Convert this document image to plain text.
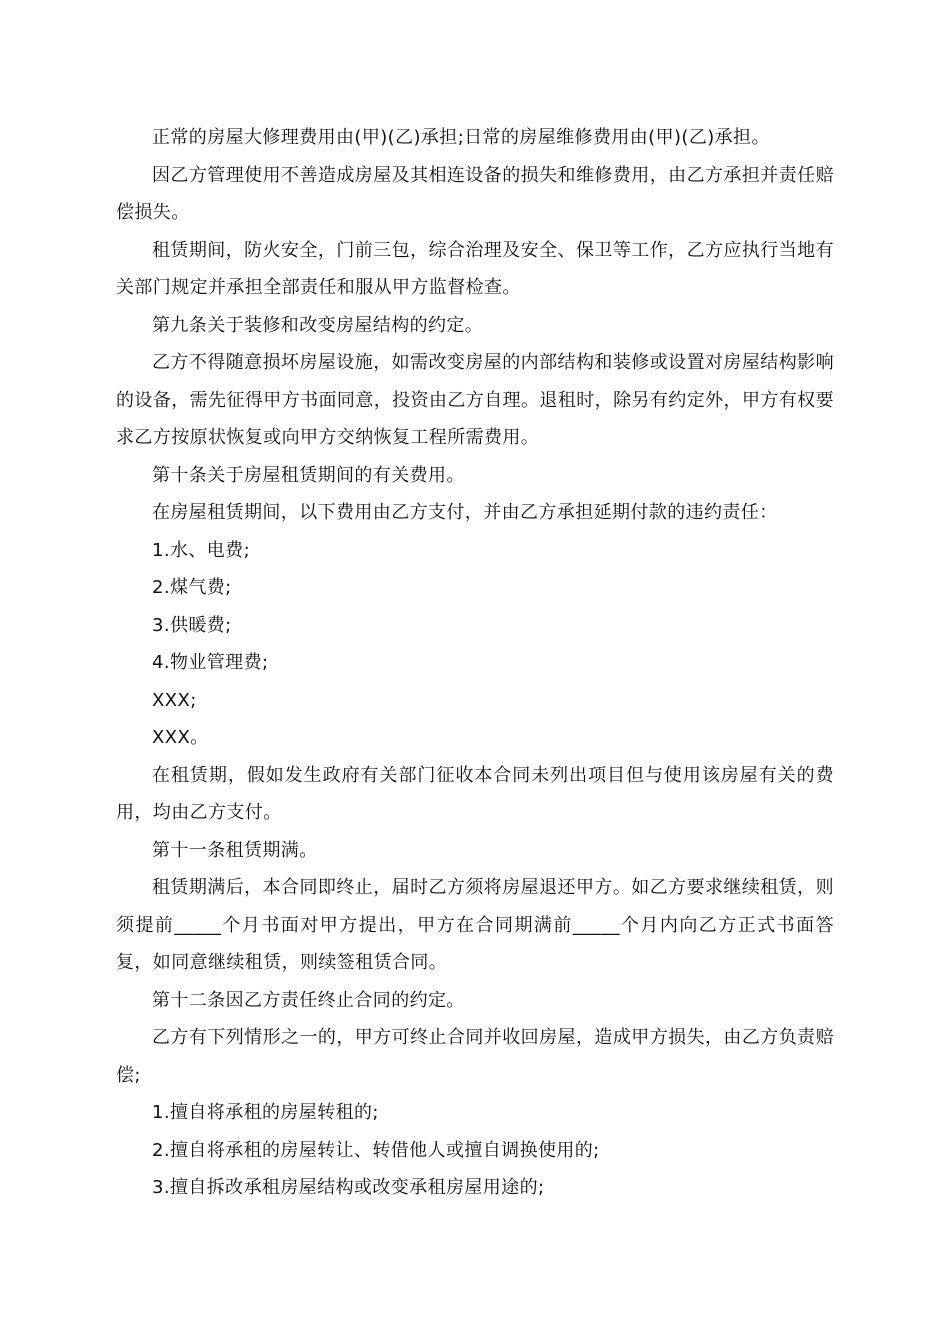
正常的房屋大修理费用由(甲)(乙)承担;日常的房屋维修费用由(甲)(乙)承担。

因乙方管理使用不善造成房屋及其相连设备的损失和维修费用，由乙方承担并责任赔偿损失。

租赁期间，防火安全，门前三包，综合治理及安全、保卫等工作，乙方应执行当地有关部门规定并承担全部责任和服从甲方监督检查。

第九条关于装修和改变房屋结构的约定。

乙方不得随意损坏房屋设施，如需改变房屋的内部结构和装修或设置对房屋结构影响的设备，需先征得甲方书面同意，投资由乙方自理。退租时，除另有约定外，甲方有权要求乙方按原状恢复或向甲方交纳恢复工程所需费用。

第十条关于房屋租赁期间的有关费用。

在房屋租赁期间，以下费用由乙方支付，并由乙方承担延期付款的违约责任：

1.水、电费;

2.煤气费;

3.供暖费;

4.物业管理费;

XXX;

XXX。

在租赁期，假如发生政府有关部门征收本合同未列出项目但与使用该房屋有关的费用，均由乙方支付。

第十一条租赁期满。

租赁期满后，本合同即终止，届时乙方须将房屋退还甲方。如乙方要求继续租赁，则须提前_____个月书面对甲方提出，甲方在合同期满前_____个月内向乙方正式书面答复，如同意继续租赁，则续签租赁合同。

第十二条因乙方责任终止合同的约定。

乙方有下列情形之一的，甲方可终止合同并收回房屋，造成甲方损失，由乙方负责赔偿;

1.擅自将承租的房屋转租的;

2.擅自将承租的房屋转让、转借他人或擅自调换使用的;

3.擅自拆改承租房屋结构或改变承租房屋用途的;
